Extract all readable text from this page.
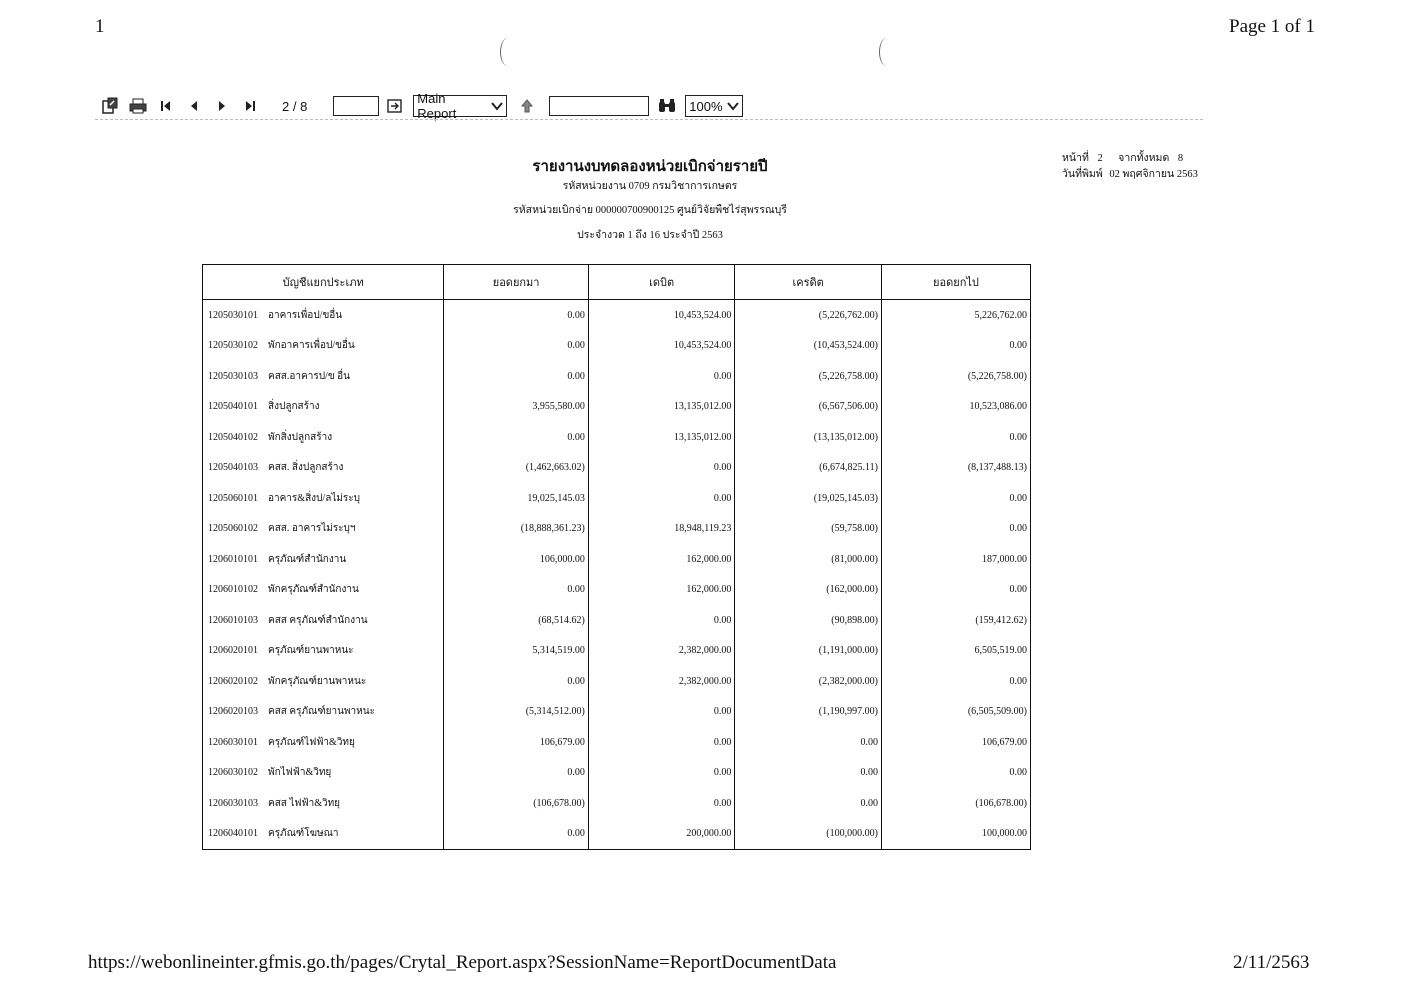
1	Page 1 of 1
2 / 8	Main Report	100%
รายงานงบทดลองหน่วยเบิกจ่ายรายปี
รหัสหน่วยงาน 0709 กรมวิชาการเกษตร
รหัสหน่วยเบิกจ่าย 000000700900125 ศูนย์วิจัยพืชไร่สุพรรณบุรี
ประจำงวด 1 ถึง 16 ประจำปี 2563
หน้าที่ 2 จากทั้งหมด 8
วันที่พิมพ์ 02 พฤศจิกายน 2563
บัญชีแยกประเภท	ยอดยกมา	เดบิต	เครดิต	ยอดยกไป
1205030101 อาคารเพื่อป/ขอื่น	0.00	10,453,524.00	(5,226,762.00)	5,226,762.00
1205030102 พักอาคารเพื่อป/ขอื่น	0.00	10,453,524.00	(10,453,524.00)	0.00
1205030103 คสส.อาคารป/ข อื่น	0.00	0.00	(5,226,758.00)	(5,226,758.00)
1205040101 สิ่งปลูกสร้าง	3,955,580.00	13,135,012.00	(6,567,506.00)	10,523,086.00
1205040102 พักสิ่งปลูกสร้าง	0.00	13,135,012.00	(13,135,012.00)	0.00
1205040103 คสส. สิ่งปลูกสร้าง	(1,462,663.02)	0.00	(6,674,825.11)	(8,137,488.13)
1205060101 อาคาร&สิ่งป/ลไม่ระบุ	19,025,145.03	0.00	(19,025,145.03)	0.00
1205060102 คสส. อาคารไม่ระบุฯ	(18,888,361.23)	18,948,119.23	(59,758.00)	0.00
1206010101 ครุภัณฑ์สำนักงาน	106,000.00	162,000.00	(81,000.00)	187,000.00
1206010102 พักครุภัณฑ์สำนักงาน	0.00	162,000.00	(162,000.00)	0.00
1206010103 คสส ครุภัณฑ์สำนักงาน	(68,514.62)	0.00	(90,898.00)	(159,412.62)
1206020101 ครุภัณฑ์ยานพาหนะ	5,314,519.00	2,382,000.00	(1,191,000.00)	6,505,519.00
1206020102 พักครุภัณฑ์ยานพาหนะ	0.00	2,382,000.00	(2,382,000.00)	0.00
1206020103 คสส ครุภัณฑ์ยานพาหนะ	(5,314,512.00)	0.00	(1,190,997.00)	(6,505,509.00)
1206030101 ครุภัณฑ์ไฟฟ้า&วิทยุ	106,679.00	0.00	0.00	106,679.00
1206030102 พักไฟฟ้า&วิทยุ	0.00	0.00	0.00	0.00
1206030103 คสส ไฟฟ้า&วิทยุ	(106,678.00)	0.00	0.00	(106,678.00)
1206040101 ครุภัณฑ์โฆษณา	0.00	200,000.00	(100,000.00)	100,000.00
https://webonlineinter.gfmis.go.th/pages/Crytal_Report.aspx?SessionName=ReportDocumentData	2/11/2563
